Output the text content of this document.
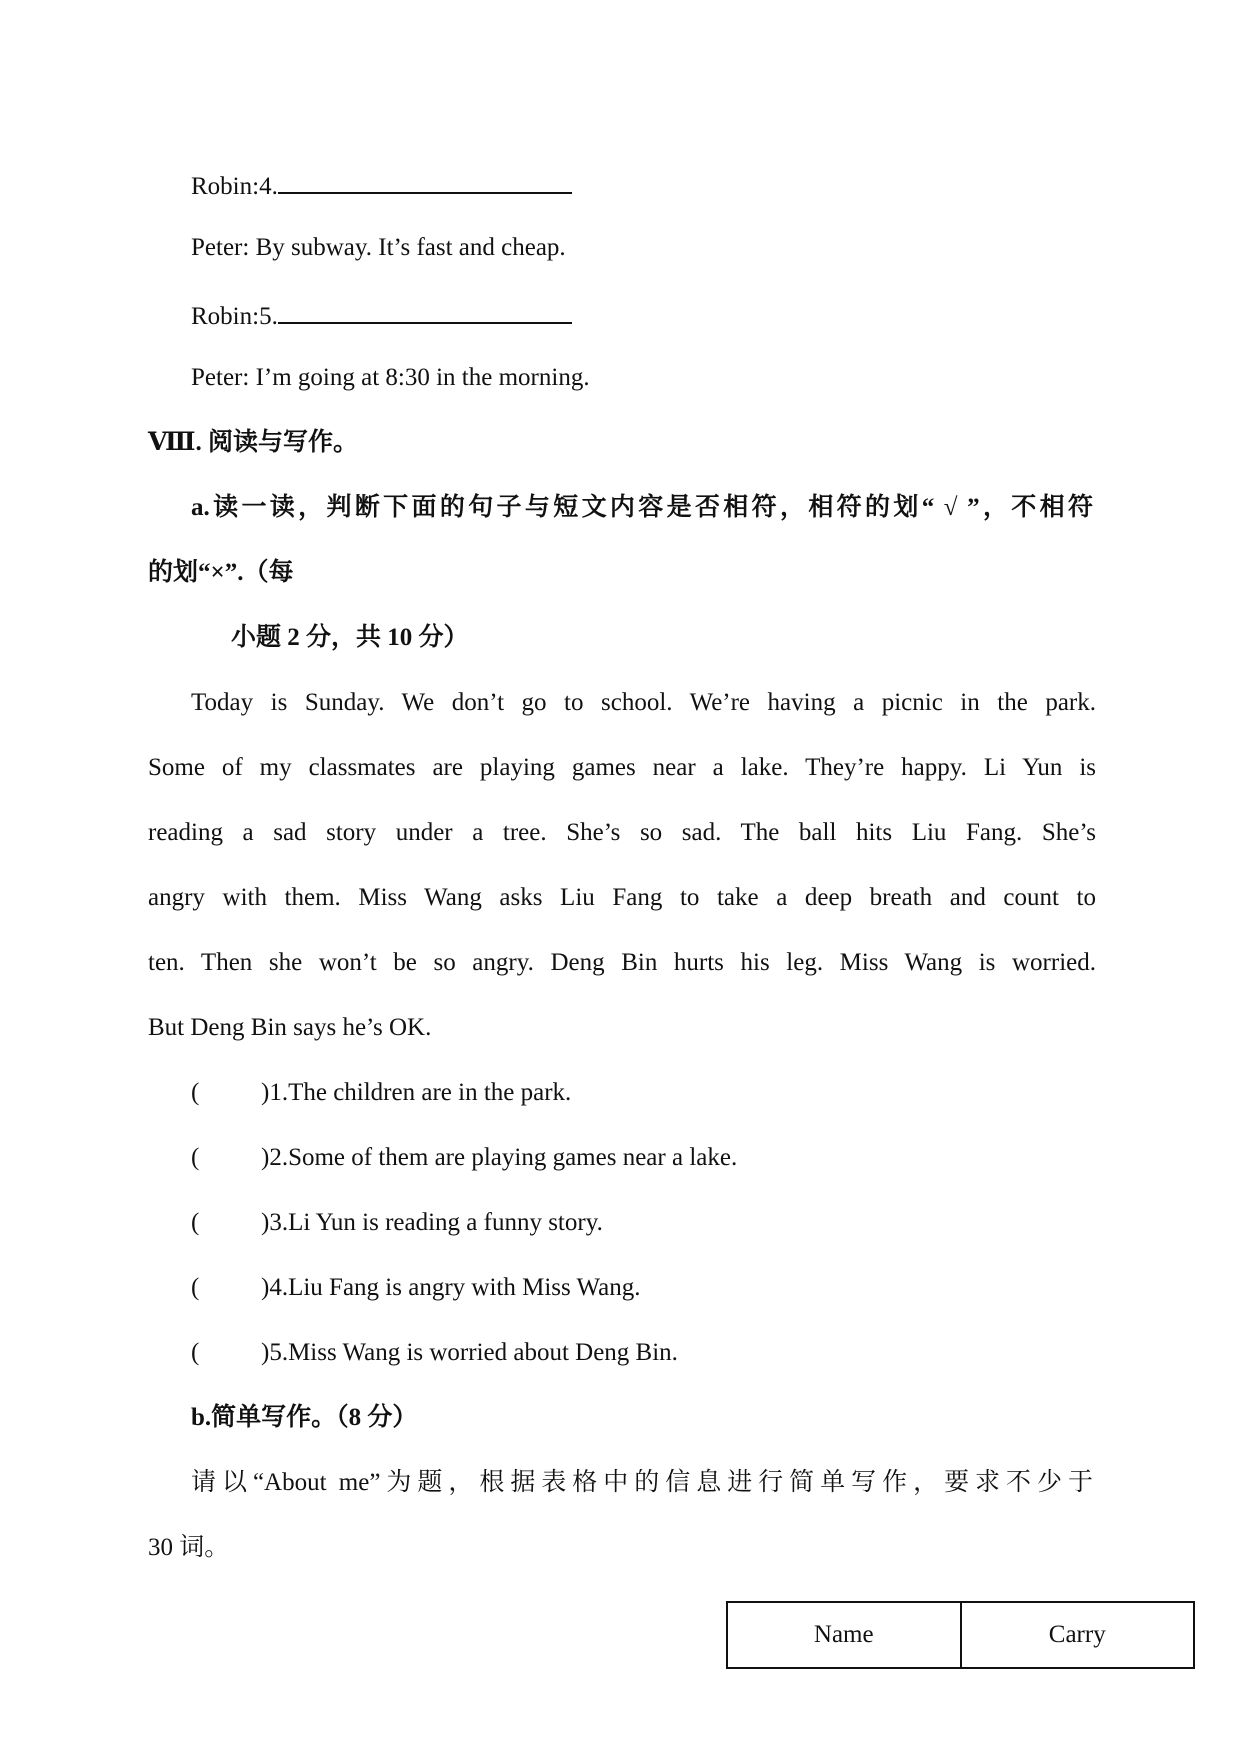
Robin:4.
Peter: By subway. It’s fast and cheap.
Robin:5.
Peter: I’m going at 8:30 in the morning.
Ⅷ. 阅读与写作。
a.读一读，判断下面的句子与短文内容是否相符，相符的划“ √ ”，不相符
的划“×”.（每
小题 2 分，共 10 分）
Today is Sunday. We don’t go to school. We’re having a picnic in the park.
Some of my classmates are playing games near a lake. They’re happy. Li Yun is
reading a sad story under a tree. She’s so sad. The ball hits Liu Fang. She’s
angry with them. Miss Wang asks Liu Fang to take a deep breath and count to
ten. Then she won’t be so angry. Deng Bin hurts his leg. Miss Wang is worried.
But Deng Bin says he’s OK.
( )1.The children are in the park.
( )2.Some of them are playing games near a lake.
( )3.Li Yun is reading a funny story.
( )4.Liu Fang is angry with Miss Wang.
( )5.Miss Wang is worried about Deng Bin.
b.简单写作。（8 分）
请以“About me”为题，根据表格中的信息进行简单写作，要求不少于
30 词。
Name	Carry
